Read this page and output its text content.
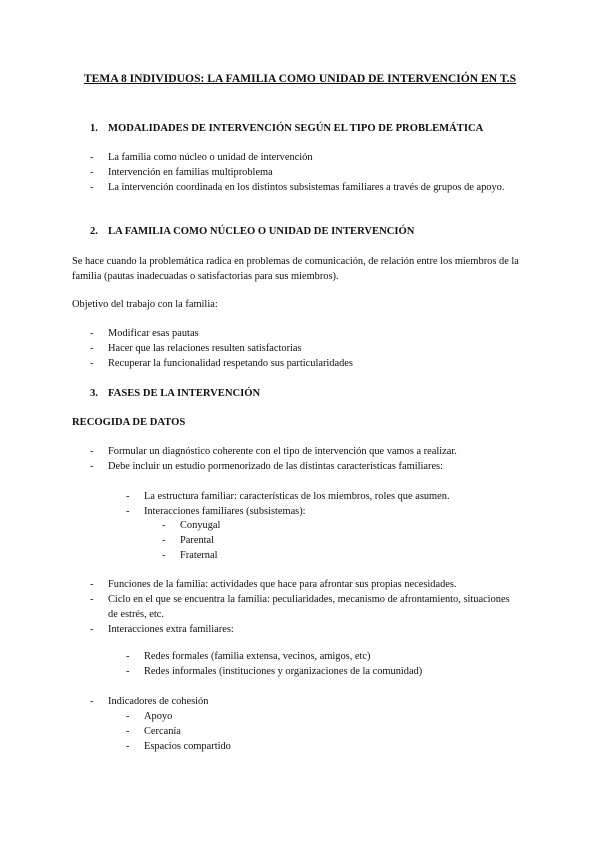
TEMA 8 INDIVIDUOS: LA FAMILIA COMO UNIDAD DE INTERVENCIÓN EN T.S
1. MODALIDADES DE INTERVENCIÓN SEGÚN EL TIPO DE PROBLEMÁTICA
- La familia como núcleo o unidad de intervención
- Intervención en familias multiproblema
- La intervención coordinada en los distintos subsistemas familiares a través de grupos de apoyo.
2. LA FAMILIA COMO NÚCLEO O UNIDAD DE INTERVENCIÓN
Se hace cuando la problemática radica en problemas de comunicación, de relación entre los miembros de la familia (pautas inadecuadas o satisfactorias para sus miembros).
Objetivo del trabajo con la familia:
- Modificar esas pautas
- Hacer que las relaciones resulten satisfactorias
- Recuperar la funcionalidad respetando sus particularidades
3. FASES DE LA INTERVENCIÓN
RECOGIDA DE DATOS
- Formular un diagnóstico coherente con el tipo de intervención que vamos a realizar.
- Debe incluir un estudio pormenorizado de las distintas características familiares:
- La estructura familiar: características de los miembros, roles que asumen.
- Interacciones familiares (subsistemas):
- Conyugal
- Parental
- Fraternal
- Funciones de la familia: actividades que hace para afrontar sus propias necesidades.
- Ciclo en el que se encuentra la familia: peculiaridades, mecanismo de afrontamiento, situaciones de estrés, etc.
- Interacciones extra familiares:
- Redes formales (familia extensa, vecinos, amigos, etc)
- Redes informales (instituciones y organizaciones de la comunidad)
- Indicadores de cohesión
- Apoyo
- Cercanía
- Espacios compartido
